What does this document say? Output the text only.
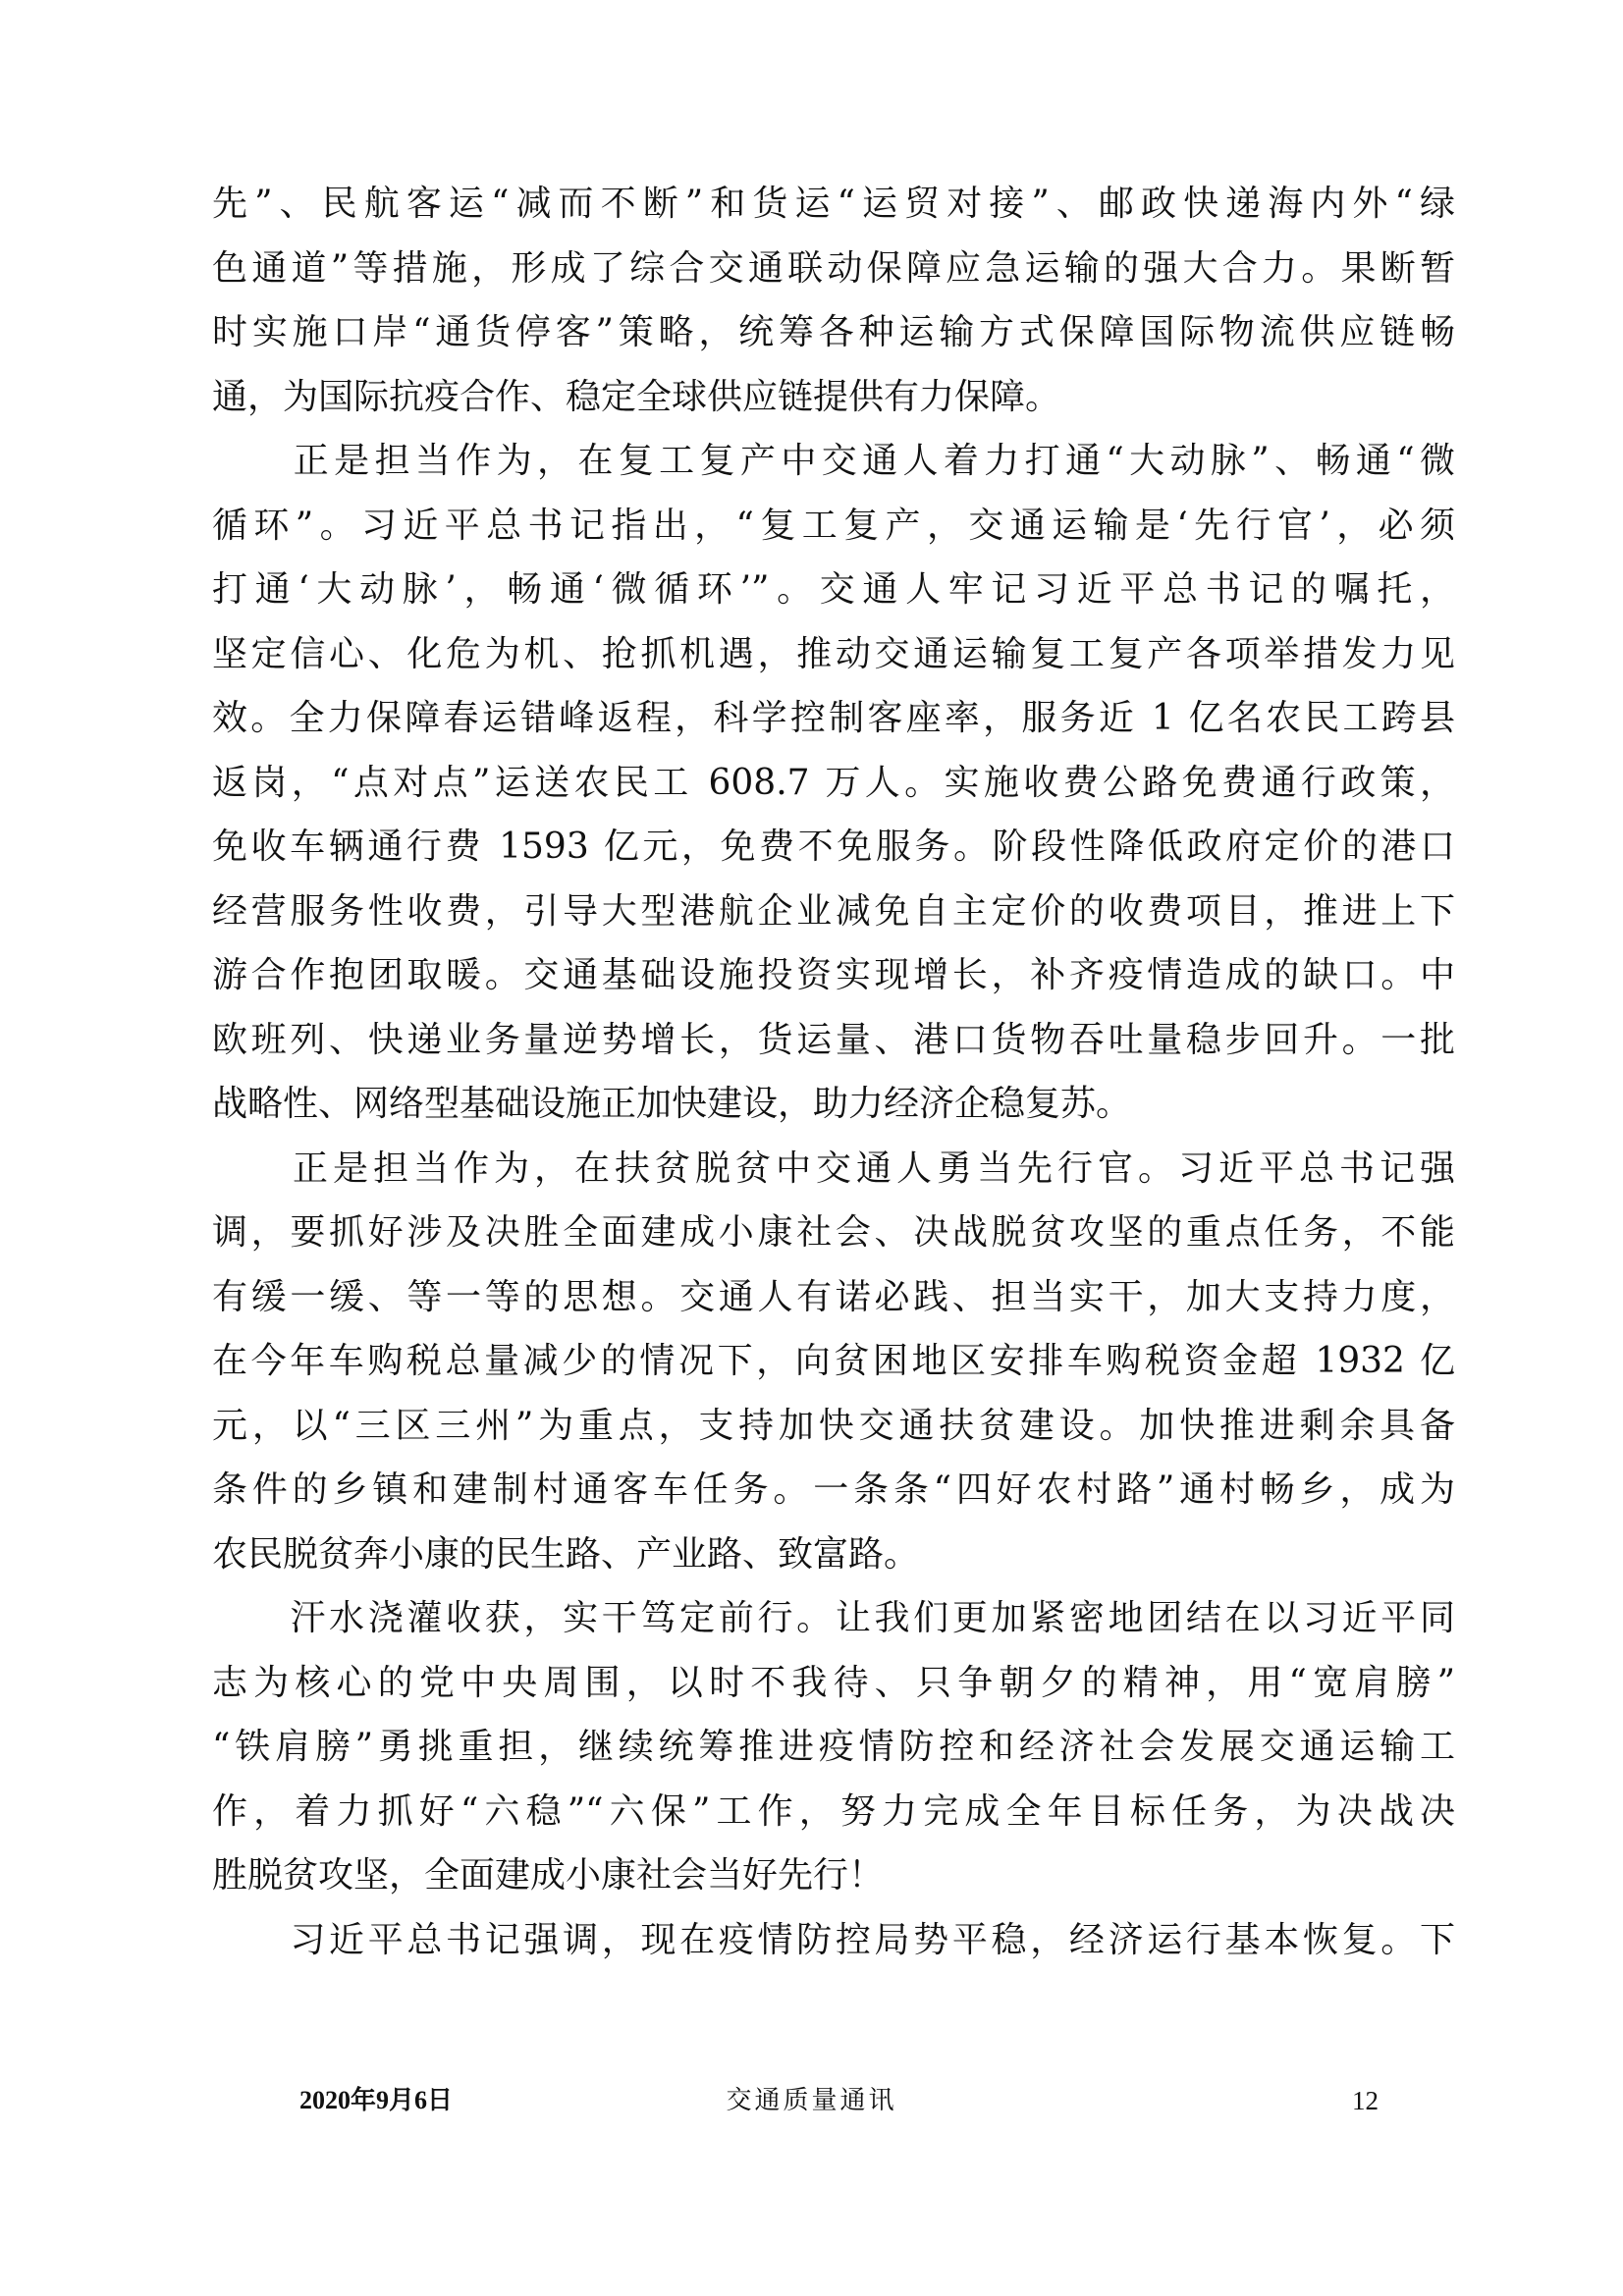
先”、民航客运“减而不断”和货运“运贸对接”、邮政快递海内外“绿
色通道”等措施，形成了综合交通联动保障应急运输的强大合力。果断暂
时实施口岸“通货停客”策略，统筹各种运输方式保障国际物流供应链畅
通，为国际抗疫合作、稳定全球供应链提供有力保障。
　　正是担当作为，在复工复产中交通人着力打通“大动脉”、畅通“微
循环”。习近平总书记指出，“复工复产，交通运输是‘先行官’，必须
打通‘大动脉’，畅通‘微循环’”。交通人牢记习近平总书记的嘱托，
坚定信心、化危为机、抢抓机遇，推动交通运输复工复产各项举措发力见
效。全力保障春运错峰返程，科学控制客座率，服务近 1 亿名农民工跨县
返岗，“点对点”运送农民工 608.7 万人。实施收费公路免费通行政策，
免收车辆通行费 1593 亿元，免费不免服务。阶段性降低政府定价的港口
经营服务性收费，引导大型港航企业减免自主定价的收费项目，推进上下
游合作抱团取暖。交通基础设施投资实现增长，补齐疫情造成的缺口。中
欧班列、快递业务量逆势增长，货运量、港口货物吞吐量稳步回升。一批
战略性、网络型基础设施正加快建设，助力经济企稳复苏。
　　正是担当作为，在扶贫脱贫中交通人勇当先行官。习近平总书记强
调，要抓好涉及决胜全面建成小康社会、决战脱贫攻坚的重点任务，不能
有缓一缓、等一等的思想。交通人有诺必践、担当实干，加大支持力度，
在今年车购税总量减少的情况下，向贫困地区安排车购税资金超 1932 亿
元，以“三区三州”为重点，支持加快交通扶贫建设。加快推进剩余具备
条件的乡镇和建制村通客车任务。一条条“四好农村路”通村畅乡，成为
农民脱贫奔小康的民生路、产业路、致富路。
　　汗水浇灌收获，实干笃定前行。让我们更加紧密地团结在以习近平同
志为核心的党中央周围，以时不我待、只争朝夕的精神，用“宽肩膀”
“铁肩膀”勇挑重担，继续统筹推进疫情防控和经济社会发展交通运输工
作，着力抓好“六稳”“六保”工作，努力完成全年目标任务，为决战决
胜脱贫攻坚，全面建成小康社会当好先行！
　　习近平总书记强调，现在疫情防控局势平稳，经济运行基本恢复。下
2020年9月6日	交通质量通讯	12
